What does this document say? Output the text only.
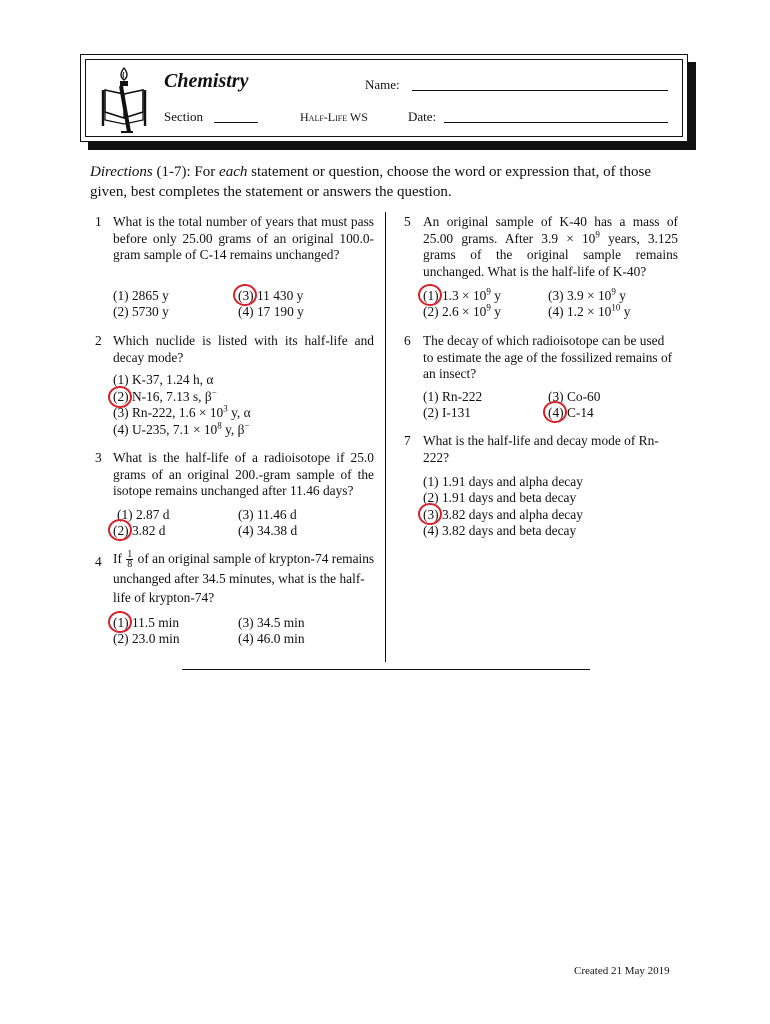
Chemistry	Name:
Section	Half-Life WS	Date:
Directions (1-7): For each statement or question, choose the word or expression that, of those given, best completes the statement or answers the question.
1 What is the total number of years that must pass before only 25.00 grams of an original 100.0-gram sample of C-14 remains unchanged?
(1) 2865 y
(2) 5730 y
(3) 11 430 y
(4) 17 190 y
2 Which nuclide is listed with its half-life and decay mode?
(1) K-37, 1.24 h, α
(2) N-16, 7.13 s, β−
(3) Rn-222, $1.6 \times 10^3$ y, α
(4) U-235, $7.1 \times 10^8$ y, β−
3 What is the half-life of a radioisotope if 25.0 grams of an original 200.-gram sample of the isotope remains unchanged after 11.46 days?
(1) 2.87 d
(2) 3.82 d
(3) 11.46 d
(4) 34.38 d
4 If $\frac{1}{8}$ of an original sample of krypton-74 remains unchanged after 34.5 minutes, what is the half-life of krypton-74?
(1) 11.5 min
(2) 23.0 min
(3) 34.5 min
(4) 46.0 min
5 An original sample of K-40 has a mass of 25.00 grams. After $3.9 \times 10^9$ years, 3.125 grams of the original sample remains unchanged. What is the half-life of K-40?
(1) $1.3 \times 10^9$ y
(2) $2.6 \times 10^9$ y
(3) $3.9 \times 10^9$ y
(4) $1.2 \times 10^{10}$ y
6 The decay of which radioisotope can be used to estimate the age of the fossilized remains of an insect?
(1) Rn-222
(2) I-131
(3) Co-60
(4) C-14
7 What is the half-life and decay mode of Rn-222?
(1) 1.91 days and alpha decay
(2) 1.91 days and beta decay
(3) 3.82 days and alpha decay
(4) 3.82 days and beta decay
Created 21 May 2019
